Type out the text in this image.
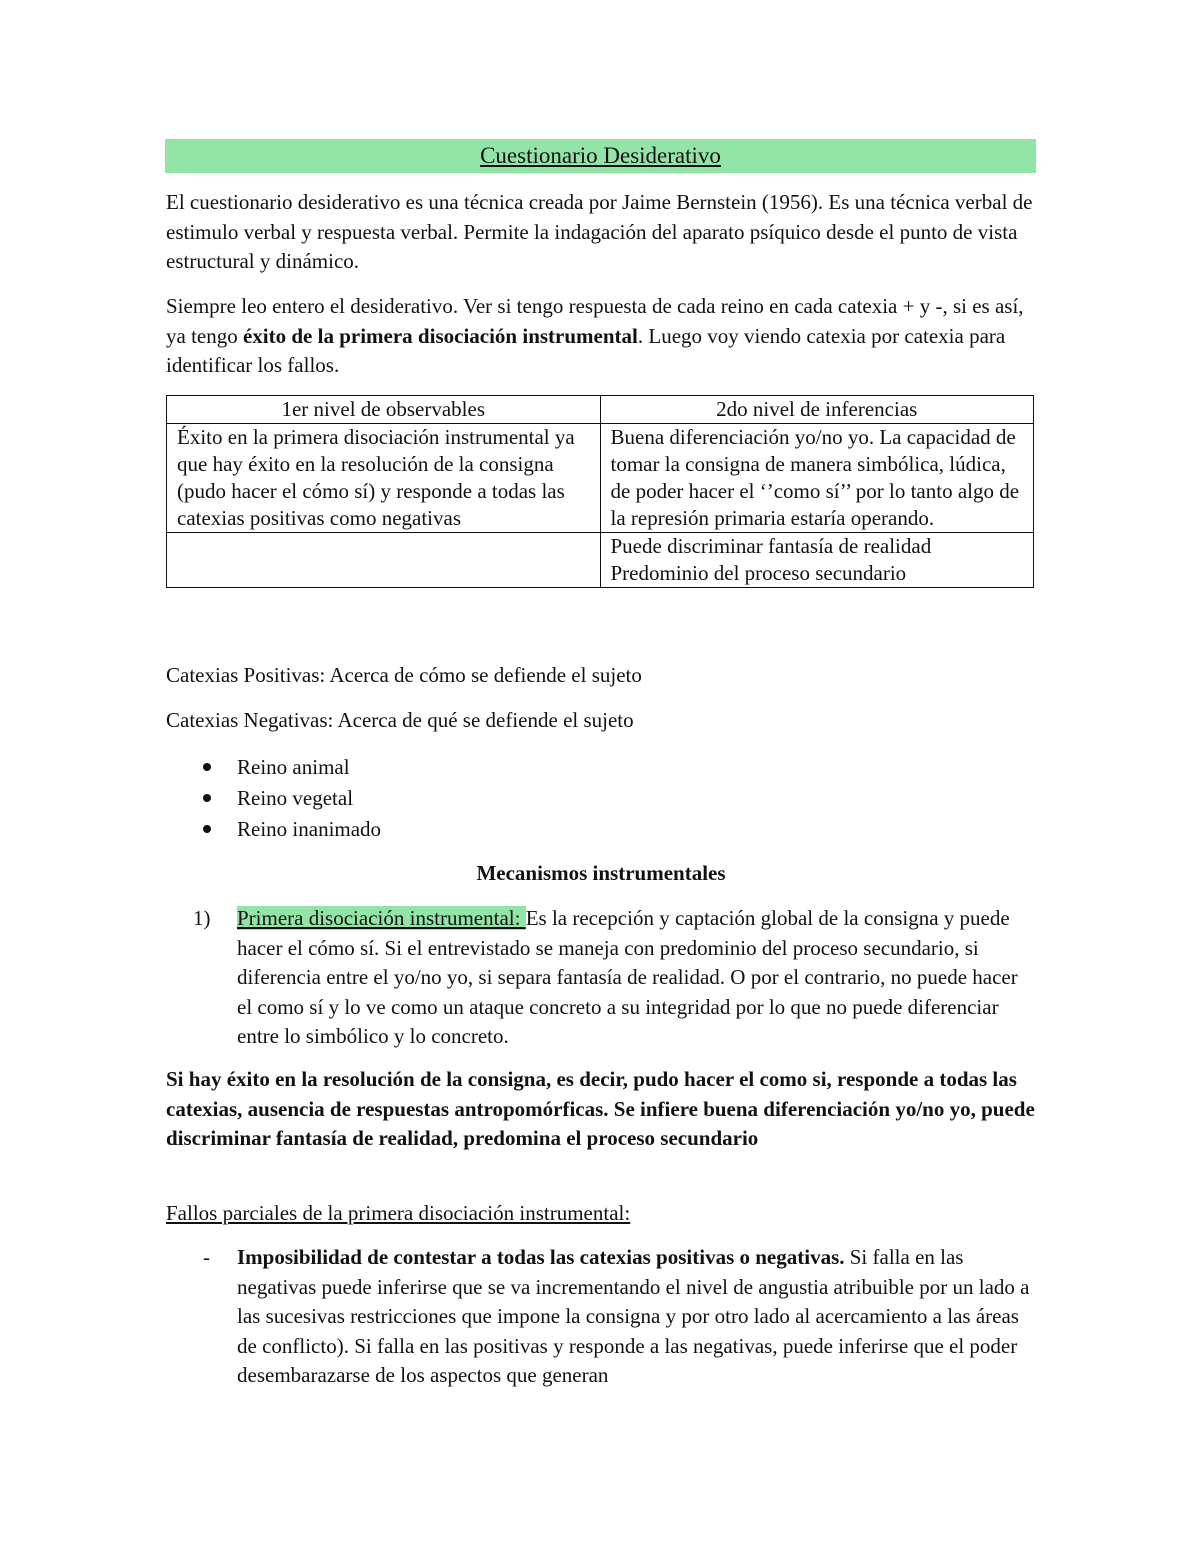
Cuestionario Desiderativo

El cuestionario desiderativo es una técnica creada por Jaime Bernstein (1956). Es una técnica verbal de estimulo verbal y respuesta verbal. Permite la indagación del aparato psíquico desde el punto de vista estructural y dinámico.

Siempre leo entero el desiderativo. Ver si tengo respuesta de cada reino en cada catexia + y -, si es así, ya tengo éxito de la primera disociación instrumental. Luego voy viendo catexia por catexia para identificar los fallos.

1er nivel de observables	2do nivel de inferencias
Éxito en la primera disociación instrumental ya que hay éxito en la resolución de la consigna (pudo hacer el cómo sí) y responde a todas las catexias positivas como negativas	Buena diferenciación yo/no yo. La capacidad de tomar la consigna de manera simbólica, lúdica, de poder hacer el ‘’como sí’’ por lo tanto algo de la represión primaria estaría operando.
	Puede discriminar fantasía de realidad Predominio del proceso secundario

Catexias Positivas: Acerca de cómo se defiende el sujeto

Catexias Negativas: Acerca de qué se defiende el sujeto

Reino animal
Reino vegetal
Reino inanimado

Mecanismos instrumentales

1) Primera disociación instrumental: Es la recepción y captación global de la consigna y puede hacer el cómo sí. Si el entrevistado se maneja con predominio del proceso secundario, si diferencia entre el yo/no yo, si separa fantasía de realidad. O por el contrario, no puede hacer el como sí y lo ve como un ataque concreto a su integridad por lo que no puede diferenciar entre lo simbólico y lo concreto.

Si hay éxito en la resolución de la consigna, es decir, pudo hacer el como si, responde a todas las catexias, ausencia de respuestas antropomórficas. Se infiere buena diferenciación yo/no yo, puede discriminar fantasía de realidad, predomina el proceso secundario

Fallos parciales de la primera disociación instrumental:

- Imposibilidad de contestar a todas las catexias positivas o negativas. Si falla en las negativas puede inferirse que se va incrementando el nivel de angustia atribuible por un lado a las sucesivas restricciones que impone la consigna y por otro lado al acercamiento a las áreas de conflicto). Si falla en las positivas y responde a las negativas, puede inferirse que el poder desembarazarse de los aspectos que generan
